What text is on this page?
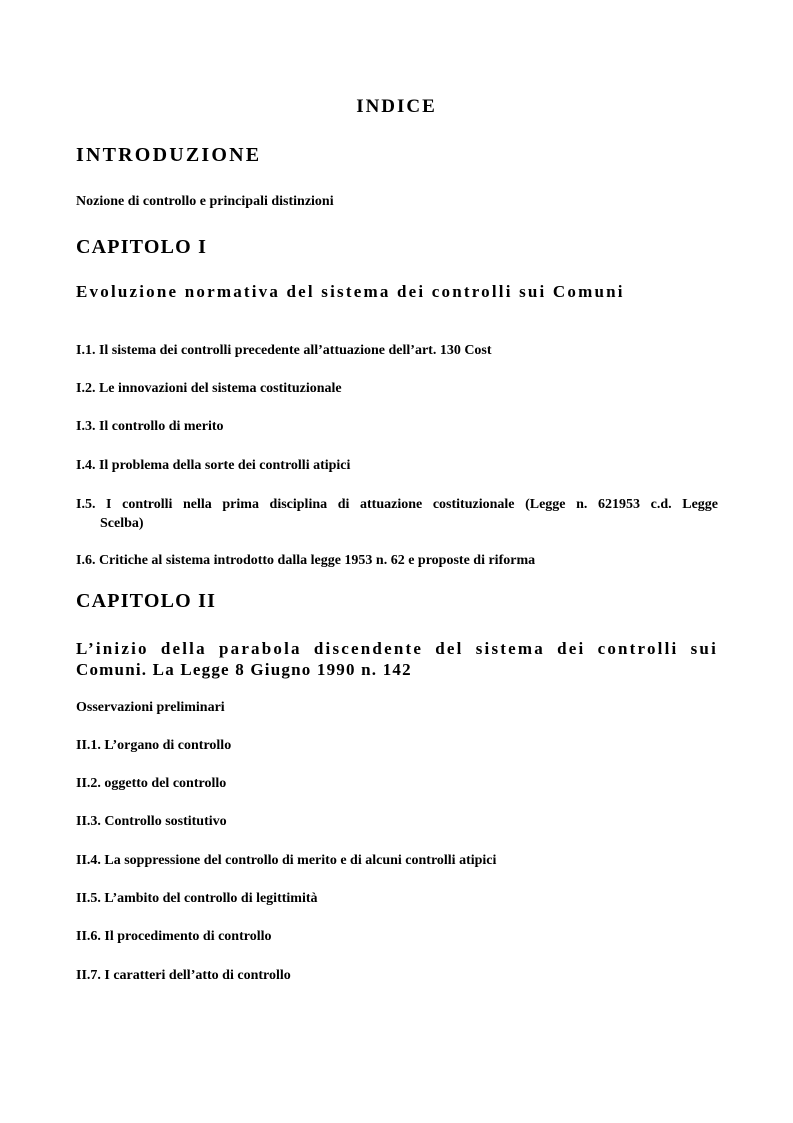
INDICE
INTRODUZIONE
Nozione di controllo e principali distinzioni
CAPITOLO I
Evoluzione normativa del sistema dei controlli sui Comuni
I.1. Il sistema dei controlli precedente all’attuazione dell’art. 130 Cost
I.2. Le innovazioni del sistema costituzionale
I.3. Il controllo di merito
I.4. Il problema della sorte dei controlli atipici
I.5. I controlli nella prima disciplina di attuazione costituzionale (Legge n. 621953 c.d. Legge
Scelba)
I.6. Critiche al sistema introdotto dalla legge 1953 n. 62 e proposte di riforma
CAPITOLO II
L’inizio della parabola discendente del sistema dei controlli sui
Comuni. La Legge 8 Giugno 1990 n. 142
Osservazioni preliminari
II.1. L’organo di controllo
II.2. oggetto del controllo
II.3. Controllo sostitutivo
II.4. La soppressione del controllo di merito e di alcuni controlli atipici
II.5. L’ambito del controllo di legittimità
II.6. Il procedimento di controllo
II.7. I caratteri dell’atto di controllo
